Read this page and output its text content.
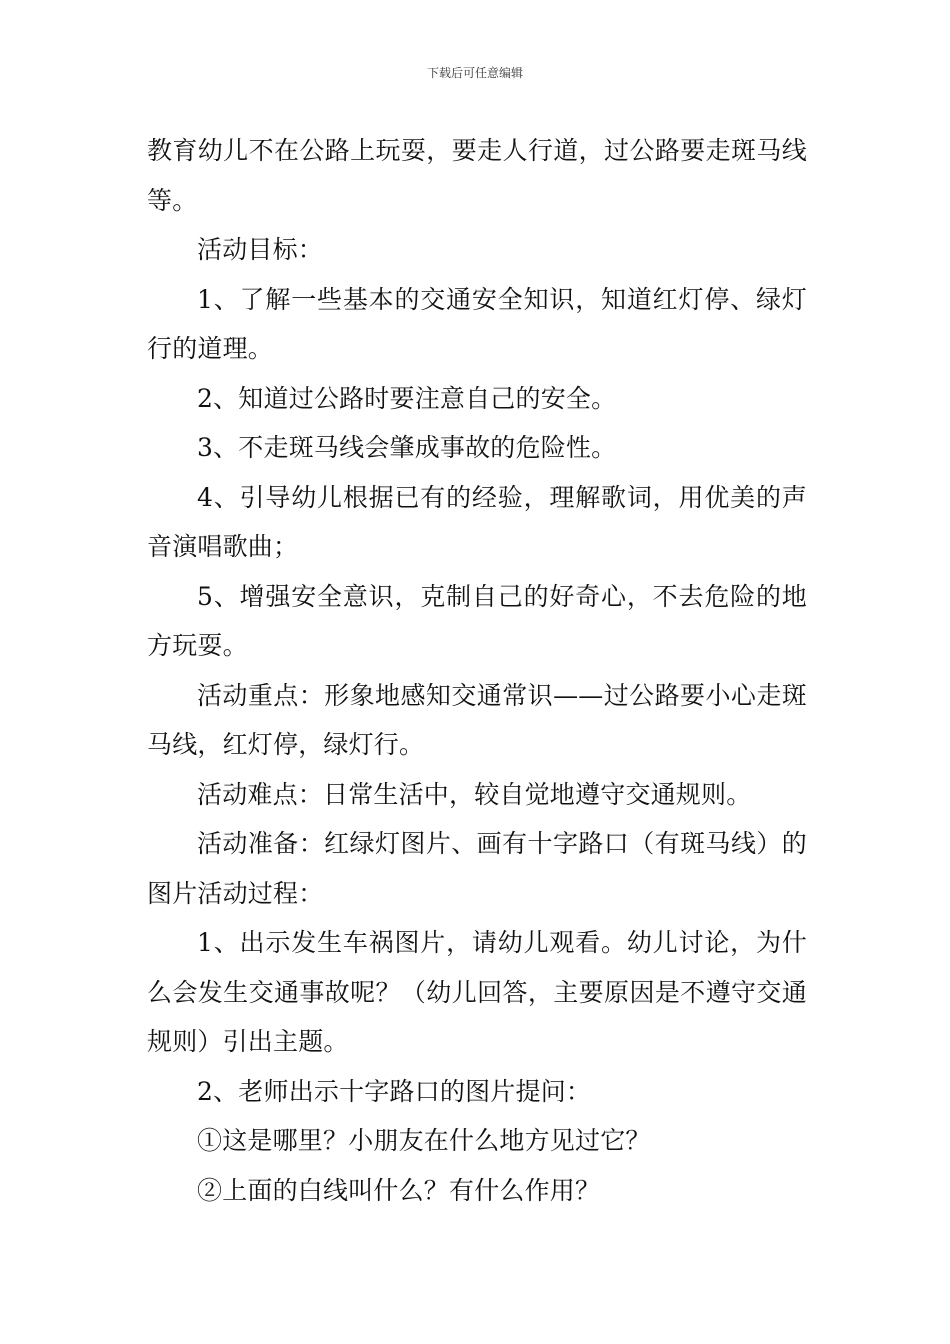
下载后可任意编辑

教育幼儿不在公路上玩耍，要走人行道，过公路要走斑马线等。

活动目标：

1、了解一些基本的交通安全知识，知道红灯停、绿灯行的道理。

2、知道过公路时要注意自己的安全。

3、不走斑马线会肇成事故的危险性。

4、引导幼儿根据已有的经验，理解歌词，用优美的声音演唱歌曲；

5、增强安全意识，克制自己的好奇心，不去危险的地方玩耍。

活动重点：形象地感知交通常识——过公路要小心走斑马线，红灯停，绿灯行。

活动难点：日常生活中，较自觉地遵守交通规则。

活动准备：红绿灯图片、画有十字路口（有斑马线）的图片活动过程：

1、出示发生车祸图片，请幼儿观看。幼儿讨论，为什么会发生交通事故呢？（幼儿回答，主要原因是不遵守交通规则）引出主题。

2、老师出示十字路口的图片提问：

①这是哪里？小朋友在什么地方见过它？

②上面的白线叫什么？有什么作用？
